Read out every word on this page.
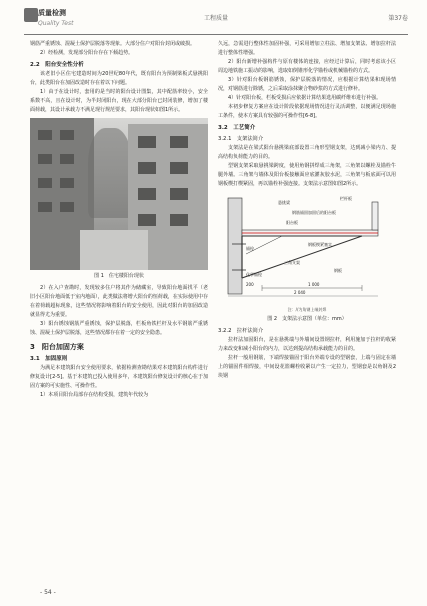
质量检测
Quality Test
工程质量	第37卷

钢筋严重锈蚀、混凝土保护层脱落等现象。大部分住户对阳台封闭或破损。

2）经检测，发现部分阳台存在下倾趋势。

2.2　阳台安全性分析

该老旧小区住宅建造时间为20世纪80年代，既有阳台为预制梁板式悬挑阳台，此类阳台在加固改造时存在着以下问题。

1）由于在设计时，套用的是当时的阳台设计图集，其中配筋率较小，安全系数不高，且在设计时，为半封闭阳台，现在大部分阳台已封闭装修，增加了楼面荷载，其设计承载力不满足现行规范要求，其阳台现状如图1所示。

图 1　住宅楼阳台现状

2）在入户查勘时，发现较多住户将其作为储藏室，导致阳台地面找平（老旧小区阳台地面低于室内地面），此类做法将增大阳台的恒荷载，在实际使用中存在着荷载超标现象，这些情况将影响着阳台的安全使用，因此对阳台的加固改造就显得尤为重要。

3）阳台锈蚀钢筋严重锈蚀，保护层脱落，栏板角铁栏杆及水平钢筋严重锈蚀、混凝土保护层脱落，这些情况都存在着一定的安全隐患。

3　阳台加固方案

3.1　加固原则

为满足本建筑阳台安全使用要求，依据检测查勘结果对本建筑阳台构件进行修复设计[2-5]。基于本建筑已投入使用多年，本建筑阳台修复设计的核心在于加固方案的可实施性、可操作性。

1）本项目阳台局部存在结构受损，建筑年代较为

久远，急需进行整体性加固补强，可采用增加立柱法、增加支架法、增加拉杆法进行整体性增强。

2）阳台新增补强构件与原有楼体的连接，应经过计算后，同时考虑该小区周边地铁施工振动的影响，选取如倒锥形化学锚栓或机械锚栓的方式。

3）针对阳台板钢筋锈蚀，保护层脱落的情况，应根据计算结果和现场情况，对钢筋进行除锈，之后采取涂抹聚合物砂浆的方式进行修补。

4）针对阳台板，栏板受损后应依据计算结果选用碳纤维布进行补强。

本初步修复方案应在设计阶段依据现场情况进行灵活调整，以便满足现场施工条件，使本方案具有较强的可操作性[6-8]。

3.2　工艺简介

3.2.1　支架法简介

支架法是在梁式阳台悬挑梁底部设置三角形型钢支架，达到减小梁内力、提高结构负荷能力的目的。

型钢支架采取悬挑梁跨度，使用角钢拼焊成三角架，三角架以螺栓及锚栓牛腿外墙。三角架与墙体及阳台板接触面应底灌灰胶水泥，三角架与板底面可以用钢板楔打楔紧固，再以锚栓补强连接。支架法示意图如图2所示。

悬挑梁
钢筋锚固加固后的阳台板
栏杆板
阳台板
钢板楔紧塞实
三角支架
锚栓
化学锚栓
钢板
200	1 000
2 040

注：//为角钢上端封焊

图 2　支架法示意图（单位：mm）

3.2.2　拉杆法简介

拉杆法加固阳台，是在悬挑端与外墙间设置钢拉杆，利用施加于拉杆的收紧力来改变和减小阳台的内力，以达到提高结构承载能力的目的。

拉杆一般用钢筋，下端焊接锚固于阳台外端专设的型钢套，上端与固定在墙上的锚固件相焊接，中间设花篮螺栓收紧以产生一定拉力，型钢套是以角钢及2块钢

- 54 -
